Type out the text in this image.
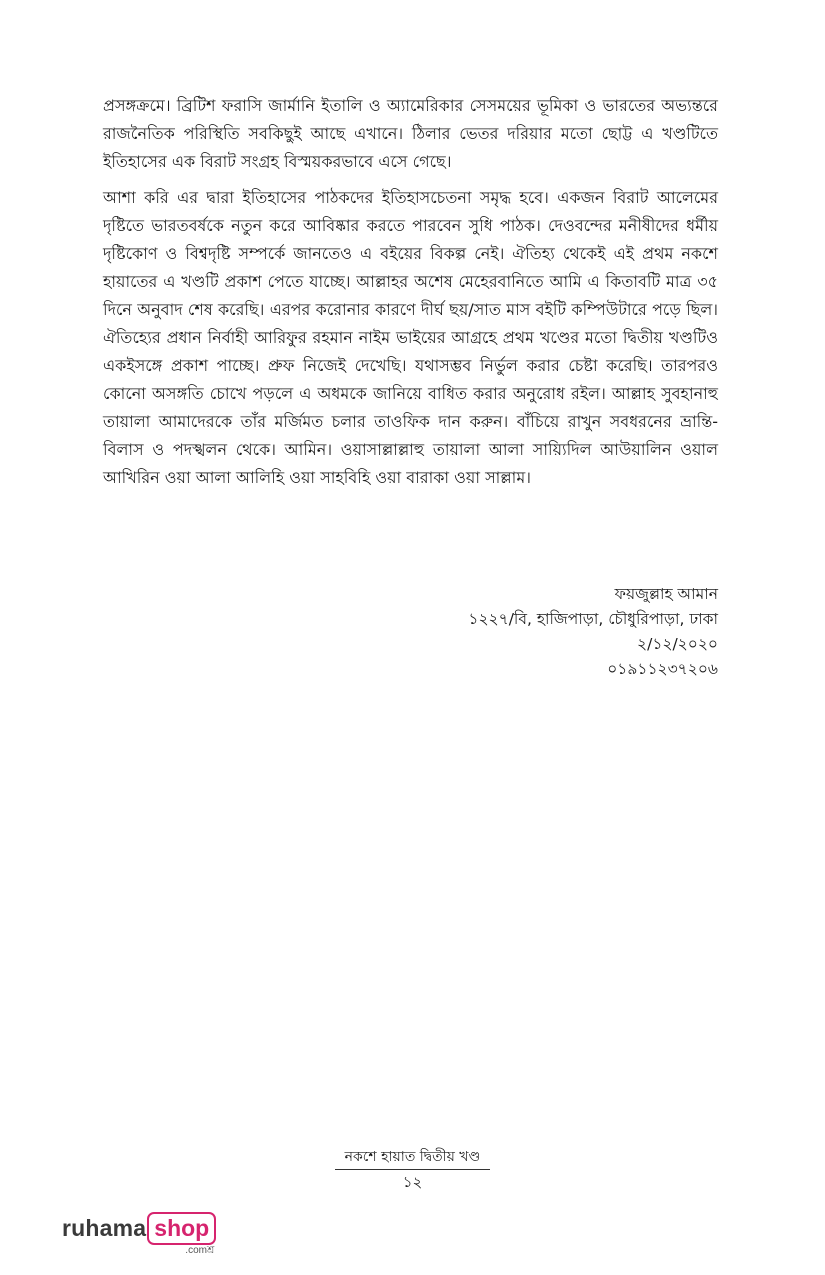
প্রসঙ্গক্রমে। ব্রিটিশ ফরাসি জার্মানি ইতালি ও অ্যামেরিকার সেসময়ের ভূমিকা ও ভারতের অভ্যন্তরে রাজনৈতিক পরিস্থিতি সবকিছুই আছে এখানে। ঠিলার ভেতর দরিয়ার মতো ছোট্ট এ খণ্ডটিতে ইতিহাসের এক বিরাট সংগ্রহ বিস্ময়করভাবে এসে গেছে।

আশা করি এর দ্বারা ইতিহাসের পাঠকদের ইতিহাসচেতনা সমৃদ্ধ হবে। একজন বিরাট আলেমের দৃষ্টিতে ভারতবর্ষকে নতুন করে আবিষ্কার করতে পারবেন সুধি পাঠক। দেওবন্দের মনীষীদের ধর্মীয় দৃষ্টিকোণ ও বিশ্বদৃষ্টি সম্পর্কে জানতেও এ বইয়ের বিকল্প নেই। ঐতিহ্য থেকেই এই প্রথম নকশে হায়াতের এ খণ্ডটি প্রকাশ পেতে যাচ্ছে। আল্লাহর অশেষ মেহেরবানিতে আমি এ কিতাবটি মাত্র ৩৫ দিনে অনুবাদ শেষ করেছি। এরপর করোনার কারণে দীর্ঘ ছয়/সাত মাস বইটি কম্পিউটারে পড়ে ছিল। ঐতিহ্যের প্রধান নির্বাহী আরিফুর রহমান নাইম ভাইয়ের আগ্রহে প্রথম খণ্ডের মতো দ্বিতীয় খণ্ডটিও একইসঙ্গে প্রকাশ পাচ্ছে। প্রুফ নিজেই দেখেছি। যথাসম্ভব নির্ভুল করার চেষ্টা করেছি। তারপরও কোনো অসঙ্গতি চোখে পড়লে এ অধমকে জানিয়ে বাধিত করার অনুরোধ রইল। আল্লাহ সুবহানাহু তায়ালা আমাদেরকে তাঁর মর্জিমত চলার তাওফিক দান করুন। বাঁচিয়ে রাখুন সবধরনের ভ্রান্তি-বিলাস ও পদস্খলন থেকে। আমিন। ওয়াসাল্লাল্লাহু তায়ালা আলা সায়্যিদিল আউয়ালিন ওয়াল আখিরিন ওয়া আলা আলিহি ওয়া সাহবিহি ওয়া বারাকা ওয়া সাল্লাম।

ফয়জুল্লাহ আমান
১২২৭/বি, হাজিপাড়া, চৌধুরিপাড়া, ঢাকা
২/১২/২০২০
০১৯১১২৩৭২০৬
নকশে হায়াত দ্বিতীয় খণ্ড
১২
ruhama shop
.comশ্র
